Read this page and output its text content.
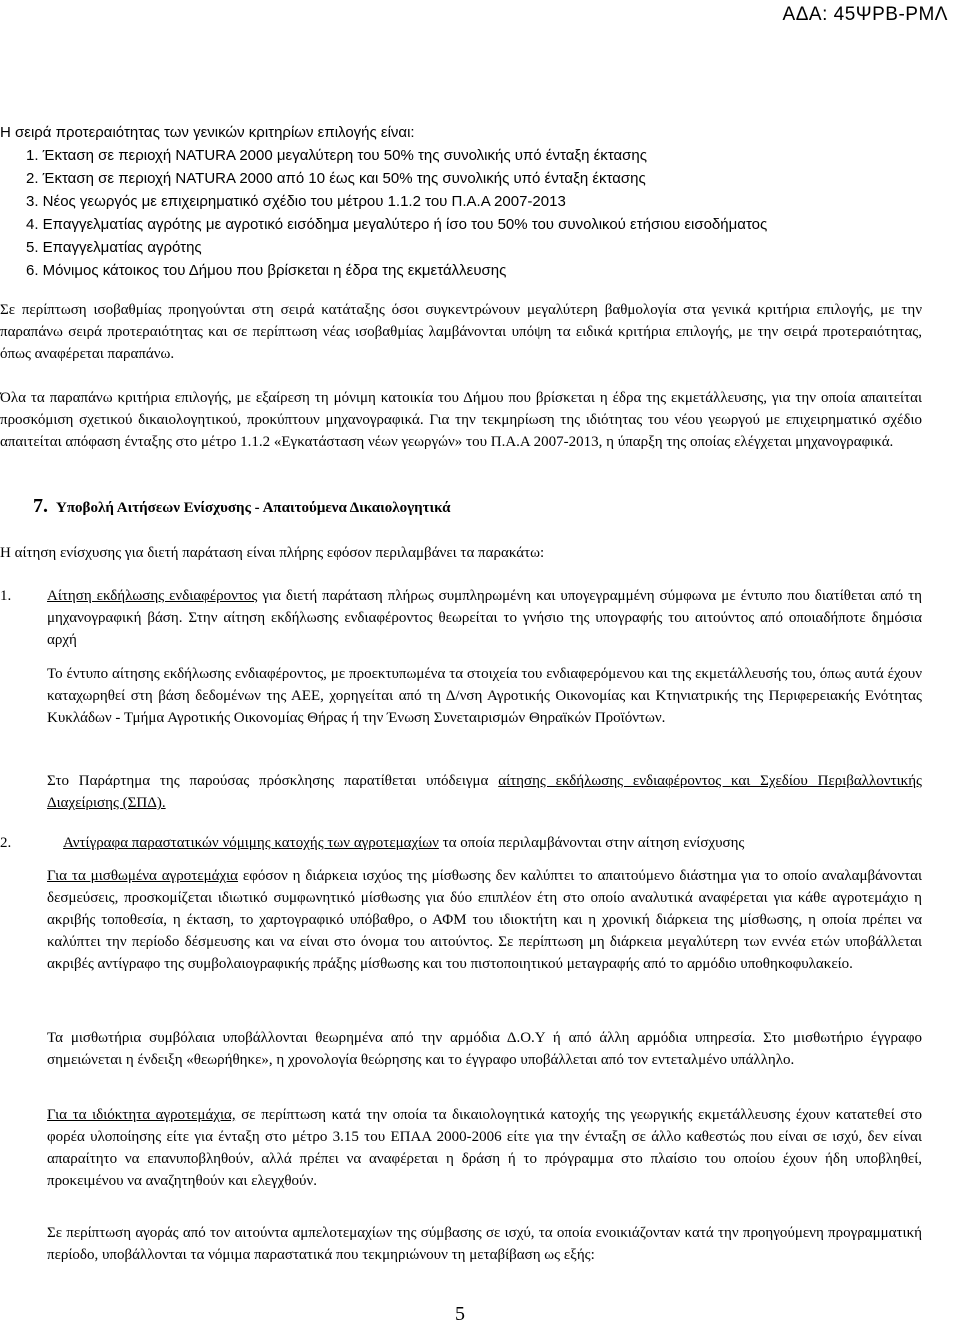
ΑΔΑ: 45ΨΡΒ-ΡΜΛ
Η σειρά προτεραιότητας των γενικών κριτηρίων επιλογής είναι:
1. Έκταση σε περιοχή NATURA 2000 μεγαλύτερη του 50% της συνολικής υπό ένταξη έκτασης
2. Έκταση σε περιοχή NATURA 2000 από 10 έως και 50% της συνολικής υπό ένταξη έκτασης
3. Νέος γεωργός με επιχειρηματικό σχέδιο του μέτρου 1.1.2 του Π.Α.Α 2007-2013
4. Επαγγελματίας αγρότης με αγροτικό εισόδημα μεγαλύτερο ή ίσο του 50% του συνολικού ετήσιου εισοδήματος
5. Επαγγελματίας αγρότης
6. Μόνιμος κάτοικος του Δήμου που βρίσκεται η έδρα της εκμετάλλευσης
Σε περίπτωση ισοβαθμίας προηγούνται στη σειρά κατάταξης όσοι συγκεντρώνουν μεγαλύτερη βαθμολογία στα γενικά κριτήρια επιλογής, με την παραπάνω σειρά προτεραιότητας και σε περίπτωση νέας ισοβαθμίας λαμβάνονται υπόψη τα ειδικά κριτήρια επιλογής, με την σειρά προτεραιότητας, όπως αναφέρεται παραπάνω.
Όλα τα παραπάνω κριτήρια επιλογής, με εξαίρεση τη μόνιμη κατοικία του Δήμου που βρίσκεται η έδρα της εκμετάλλευσης, για την οποία απαιτείται προσκόμιση σχετικού δικαιολογητικού, προκύπτουν μηχανογραφικά. Για την τεκμηρίωση της ιδιότητας του νέου γεωργού με επιχειρηματικό σχέδιο απαιτείται απόφαση ένταξης στο μέτρο 1.1.2 «Εγκατάσταση νέων γεωργών» του Π.Α.Α 2007-2013, η ύπαρξη της οποίας ελέγχεται μηχανογραφικά.
7. Υποβολή Αιτήσεων Ενίσχυσης - Απαιτούμενα Δικαιολογητικά
Η αίτηση ενίσχυσης για διετή παράταση είναι πλήρης εφόσον περιλαμβάνει τα παρακάτω:
1. Αίτηση εκδήλωσης ενδιαφέροντος για διετή παράταση πλήρως συμπληρωμένη και υπογεγραμμένη σύμφωνα με έντυπο που διατίθεται από τη μηχανογραφική βάση. Στην αίτηση εκδήλωσης ενδιαφέροντος θεωρείται το γνήσιο της υπογραφής του αιτούντος από οποιαδήποτε δημόσια αρχή
Το έντυπο αίτησης εκδήλωσης ενδιαφέροντος, με προεκτυπωμένα τα στοιχεία του ενδιαφερόμενου και της εκμετάλλευσής του, όπως αυτά έχουν καταχωρηθεί στη βάση δεδομένων της ΑΕΕ, χορηγείται από τη Δ/νση Αγροτικής Οικονομίας και Κτηνιατρικής της Περιφερειακής Ενότητας Κυκλάδων - Τμήμα Αγροτικής Οικονομίας Θήρας ή την Ένωση Συνεταιρισμών Θηραϊκών Προϊόντων.
Στο Παράρτημα της παρούσας πρόσκλησης παρατίθεται υπόδειγμα αίτησης εκδήλωσης ενδιαφέροντος και Σχεδίου Περιβαλλοντικής Διαχείρισης (ΣΠΔ).
2.	Αντίγραφα παραστατικών νόμιμης κατοχής των αγροτεμαχίων τα οποία περιλαμβάνονται στην αίτηση ενίσχυσης
Για τα μισθωμένα αγροτεμάχια εφόσον η διάρκεια ισχύος της μίσθωσης δεν καλύπτει το απαιτούμενο διάστημα για το οποίο αναλαμβάνονται δεσμεύσεις, προσκομίζεται ιδιωτικό συμφωνητικό μίσθωσης για δύο επιπλέον έτη στο οποίο αναλυτικά αναφέρεται για κάθε αγροτεμάχιο η ακριβής τοποθεσία, η έκταση, το χαρτογραφικό υπόβαθρο, ο ΑΦΜ του ιδιοκτήτη και η χρονική διάρκεια της μίσθωσης, η οποία πρέπει να καλύπτει την περίοδο δέσμευσης και να είναι στο όνομα του αιτούντος. Σε περίπτωση μη διάρκεια μεγαλύτερη των εννέα ετών υποβάλλεται ακριβές αντίγραφο της συμβολαιογραφικής πράξης μίσθωσης και του πιστοποιητικού μεταγραφής από το αρμόδιο υποθηκοφυλακείο.
Τα μισθωτήρια συμβόλαια υποβάλλονται θεωρημένα από την αρμόδια Δ.Ο.Υ ή από άλλη αρμόδια υπηρεσία. Στο μισθωτήριο έγγραφο σημειώνεται η ένδειξη «θεωρήθηκε», η χρονολογία θεώρησης και το έγγραφο υποβάλλεται από τον εντεταλμένο υπάλληλο.
Για τα ιδιόκτητα αγροτεμάχια, σε περίπτωση κατά την οποία τα δικαιολογητικά κατοχής της γεωργικής εκμετάλλευσης έχουν κατατεθεί στο φορέα υλοποίησης είτε για ένταξη στο μέτρο 3.15 του ΕΠΑΑ 2000-2006 είτε για την ένταξη σε άλλο καθεστώς που είναι σε ισχύ, δεν είναι απαραίτητο να επανυποβληθούν, αλλά πρέπει να αναφέρεται η δράση ή το πρόγραμμα στο πλαίσιο του οποίου έχουν ήδη υποβληθεί, προκειμένου να αναζητηθούν και ελεγχθούν.
Σε περίπτωση αγοράς από τον αιτούντα αμπελοτεμαχίων της σύμβασης σε ισχύ, τα οποία ενοικιάζονταν κατά την προηγούμενη προγραμματική περίοδο, υποβάλλονται τα νόμιμα παραστατικά που τεκμηριώνουν τη μεταβίβαση ως εξής:
5
